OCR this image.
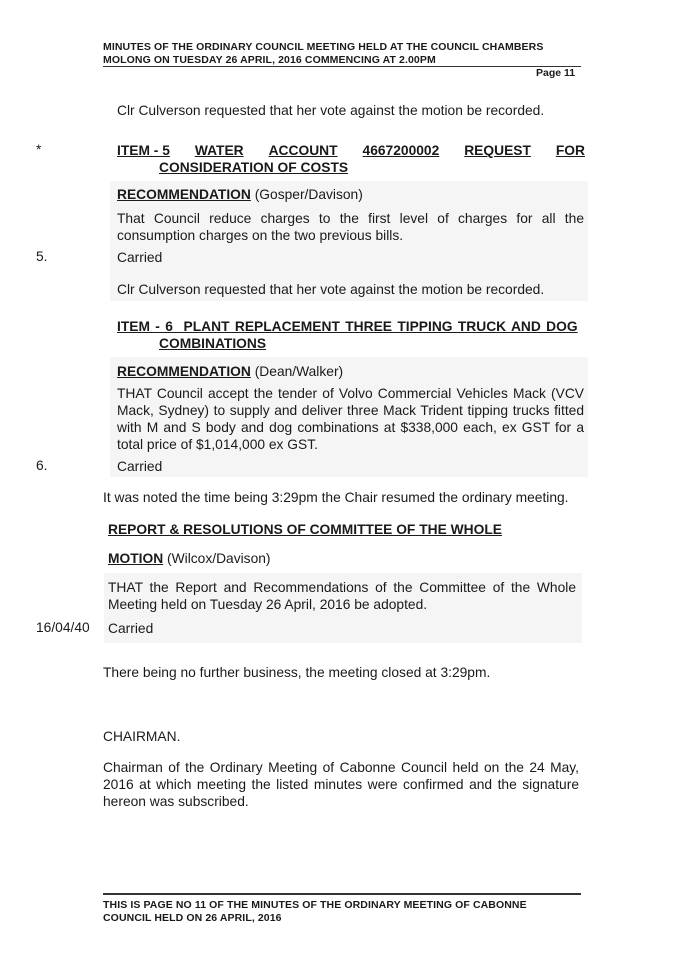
MINUTES OF THE ORDINARY COUNCIL MEETING HELD AT THE COUNCIL CHAMBERS
MOLONG ON TUESDAY 26 APRIL, 2016 COMMENCING AT 2.00PM
Page 11
Clr Culverson requested that her vote against the motion be recorded.
*	ITEM - 5 WATER ACCOUNT 4667200002 REQUEST FOR
CONSIDERATION OF COSTS
RECOMMENDATION (Gosper/Davison)
That Council reduce charges to the first level of charges for all the consumption charges on the two previous bills.
5.	Carried
Clr Culverson requested that her vote against the motion be recorded.
ITEM - 6  PLANT REPLACEMENT THREE TIPPING TRUCK AND DOG
COMBINATIONS
RECOMMENDATION (Dean/Walker)
THAT Council accept the tender of Volvo Commercial Vehicles Mack (VCV Mack, Sydney) to supply and deliver three Mack Trident tipping trucks fitted with M and S body and dog combinations at $338,000 each, ex GST for a total price of $1,014,000 ex GST.
6.	Carried
It was noted the time being 3:29pm the Chair resumed the ordinary meeting.
REPORT & RESOLUTIONS OF COMMITTEE OF THE WHOLE
MOTION (Wilcox/Davison)
THAT the Report and Recommendations of the Committee of the Whole Meeting held on Tuesday 26 April, 2016 be adopted.
16/04/40 Carried
There being no further business, the meeting closed at 3:29pm.
CHAIRMAN.
Chairman of the Ordinary Meeting of Cabonne Council held on the 24 May, 2016 at which meeting the listed minutes were confirmed and the signature hereon was subscribed.
THIS IS PAGE NO 11 OF THE MINUTES OF THE ORDINARY MEETING OF CABONNE
COUNCIL HELD ON 26 APRIL, 2016
